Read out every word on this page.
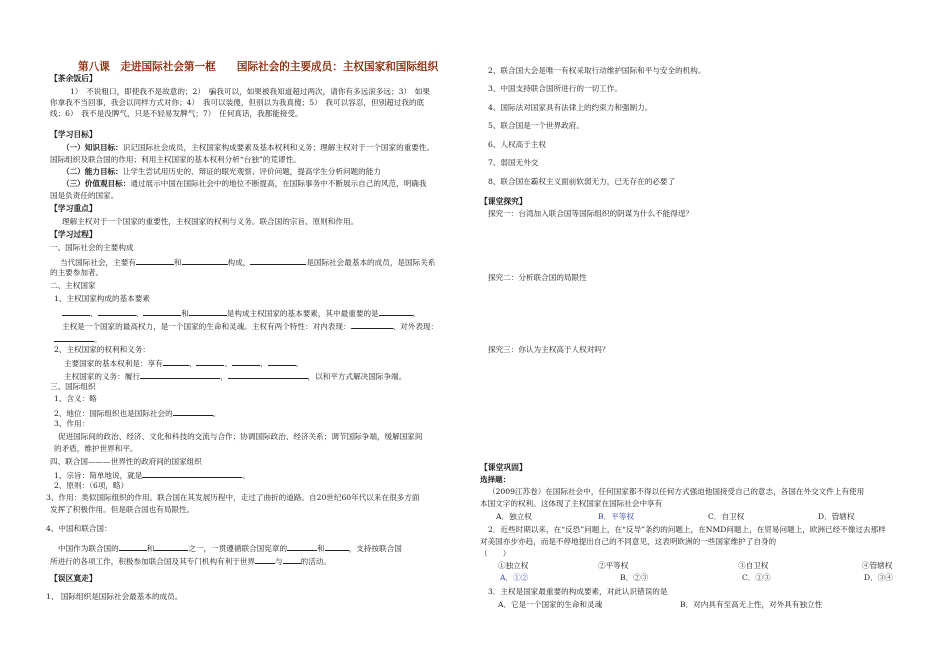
第八课　走进国际社会第一框　　国际社会的主要成员：主权国家和国际组织
【茶余饭后】
1）　不说粗口，即使我不是故意的；2）　骗我可以，如果被我知道超过两次，请你有多远滚多远；3）　如果
你拿我不当回事，我会以同样方式对你；4）　我可以装傻，但别以为我真傻；5）　我可以容忍，但别超过我的底
线；6）　我不是没脾气，只是不轻易发脾气；7）　任何真话，我都能接受。
【学习目标】
（一）知识目标：识记国际社会成员，主权国家构成要素及基本权利和义务；理解主权对于一个国家的重要性。
国际组织及联合国的作用；利用主权国家的基本权利分析“台独”的荒谬性。
（二）能力目标：让学生尝试用历史的、辩证的眼光观察、评价问题，提高学生分析问题的能力
（三）价值观目标：通过展示中国在国际社会中的地位不断提高，在国际事务中不断展示自己的风范，明确我
国是负责任的国家。
【学习重点】
理解主权对于一个国家的重要性，主权国家的权利与义务。联合国的宗旨、原则和作用。
【学习过程】
一、国际社会的主要构成
当代国际社会，主要有	和	构成，	是国际社会最基本的成员，是国际关系
的主要参加者。
二、主权国家
1、主权国家构成的基本要素
、	、	和	是构成主权国家的基本要素，其中最重要的是	。
主权是一个国家的最高权力，是一个国家的生命和灵魂。主权有两个特性：对内表现：	、对外表现：
。
2、主权国家的权利和义务：
主要国家的基本权利是：享有	、	、	、	。
主权国家的义务：履行	，	，以和平方式解决国际争端。
三、国际组织
1、含义：略
2、地位：国际组织也是国际社会的	。
3、作用：
促进国际间的政治、经济、文化和科技的交流与合作；协调国际政治、经济关系；调节国际争端，缓解国家间
的矛盾，维护世界和平。
四、联合国———世界性的政府间的国家组织
1、宗旨：简单地说，就是	。
2、原则：（6项，略）
3、作用：类似国际组织的作用。联合国在其发展历程中，走过了曲折的道路。自20世纪60年代以来在很多方面
发挥了积极作用。但是联合国也有局限性。
4、中国和联合国：
中国作为联合国的	和	之一，一贯遵循联合国宪章的	和	，支持按联合国
所进行的各项工作，积极参加联合国及其专门机构有利于世界	与 的活动。
【误区寞走】
1、 国际组织是国际社会最基本的成员。
2、联合国大会是唯一有权采取行动维护国际和平与安全的机构。
3、中国支持联合国所进行的一切工作。
4、国际法对国家具有法律上的约束力和强制力。
5、联合国是一个世界政府。
6、人权高于主权
7、弱国无外交
8、联合国在霸权主义面前软弱无力，已无存在的必要了
【课堂探究】
探究一：台湾加入联合国等国际组织的阴谋为什么不能得逞？
探究二：分析联合国的局限性
探究三：你认为主权高于人权对吗？
【课堂巩固】
选择题：
（2009江苏卷）在国际社会中，任何国家都不得以任何方式强迫他国接受自己的意志，各国在外交文件上有使用
本国文字的权利。这体现了主权国家在国际社会中享有
A．独立权	B．平等权	C．自卫权	D．管辖权
2．近些时期以来，在“反恐”问题上，在“反导”条约的问题上，在NMD问题上，在贸易问题上，欧洲已经不像过去那样
对美国亦步亦趋，而是不停地提出自己的不同意见，这表明欧洲的一些国家维护了自身的
（　　）
①独立权	②平等权	③自卫权	④管辖权
A．①②	B．②③	C．①③	D．③④
3．主权是国家最重要的构成要素，对此认识错误的是
A．它是一个国家的生命和灵魂	B．对内具有至高无上性，对外具有独立性
